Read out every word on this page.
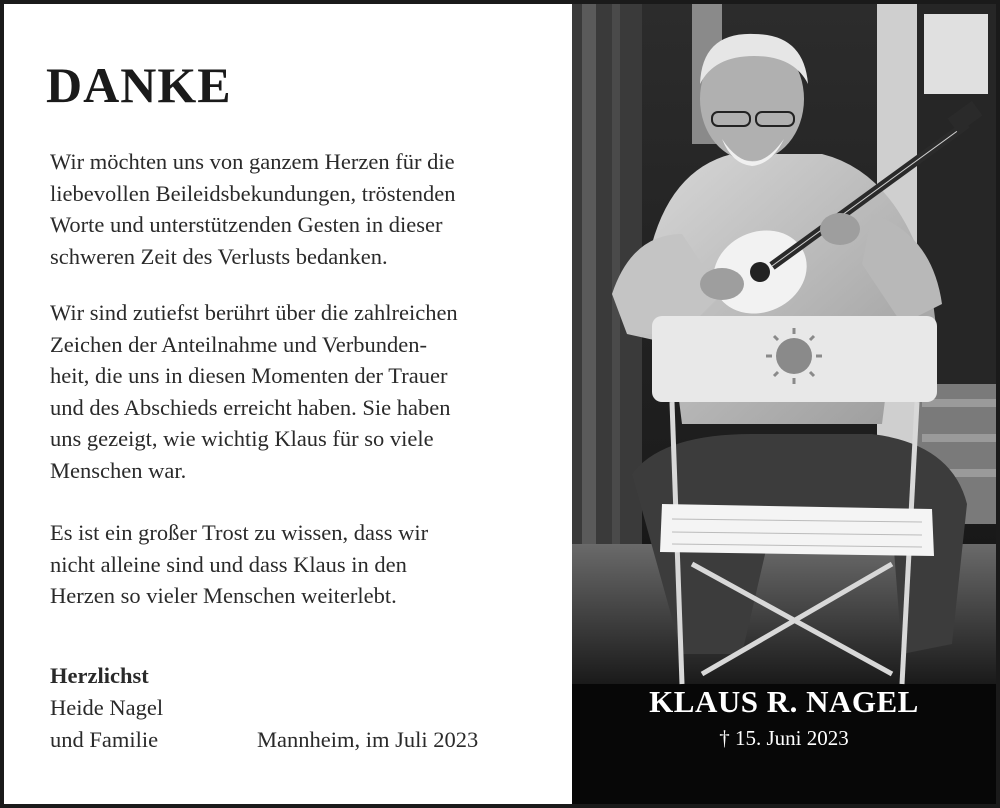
DANKE

Wir möchten uns von ganzem Herzen für die
liebevollen Beileidsbekundungen, tröstenden
Worte und unterstützenden Gesten in dieser
schweren Zeit des Verlusts bedanken.

Wir sind zutiefst berührt über die zahlreichen
Zeichen der Anteilnahme und Verbunden-
heit, die uns in diesen Momenten der Trauer
und des Abschieds erreicht haben. Sie haben
uns gezeigt, wie wichtig Klaus für so viele
Menschen war.

Es ist ein großer Trost zu wissen, dass wir
nicht alleine sind und dass Klaus in den
Herzen so vieler Menschen weiterlebt.

Herzlichst
Heide Nagel
und Familie	Mannheim, im Juli 2023
KLAUS R. NAGEL
† 15. Juni 2023
